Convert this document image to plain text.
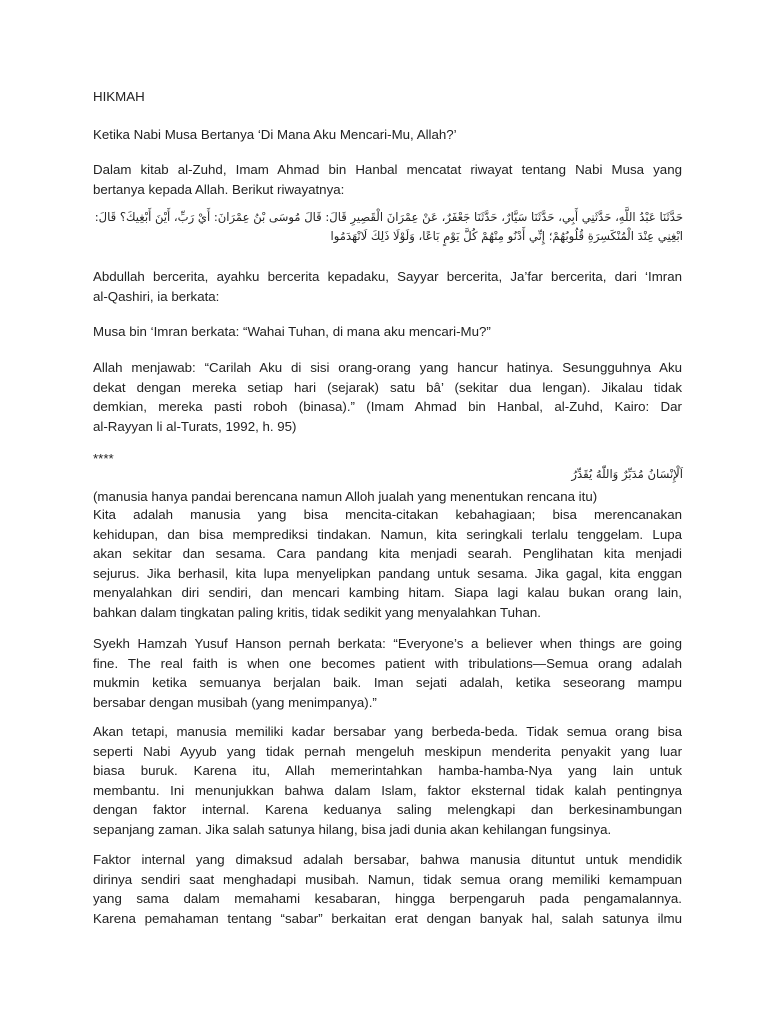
HIKMAH

Ketika Nabi Musa Bertanya ‘Di Mana Aku Mencari-Mu, Allah?’

Dalam kitab al-Zuhd, Imam Ahmad bin Hanbal mencatat riwayat tentang Nabi Musa yang
bertanya kepada Allah. Berikut riwayatnya:

حَدَّثَنَا عَبْدُ اللَّهِ، حَدَّثَنِي أَبِي، حَدَّثَنَا سَيَّارٌ، حَدَّثَنَا جَعْفَرٌ، عَنْ عِمْرَانَ الْقَصِيرِ قَالَ: قَالَ مُوسَى بْنُ عِمْرَانَ: أَيْ رَبِّ، أَيْنَ أَبْغِيكَ؟ قَالَ:
ابْغِنِي عِنْدَ الْمُنْكَسِرَةِ قُلُوبُهُمْ؛ إِنِّي أَدْنُو مِنْهُمْ كُلَّ يَوْمٍ بَاعًا، وَلَوْلَا ذَلِكَ لَانْهَدَمُوا

Abdullah bercerita, ayahku bercerita kepadaku, Sayyar bercerita, Ja’far bercerita, dari ‘Imran
al-Qashiri, ia berkata:

Musa bin ‘Imran berkata: “Wahai Tuhan, di mana aku mencari-Mu?”

Allah menjawab: “Carilah Aku di sisi orang-orang yang hancur hatinya. Sesungguhnya Aku
dekat dengan mereka setiap hari (sejarak) satu bâ’ (sekitar dua lengan). Jikalau tidak
demkian, mereka pasti roboh (binasa).” (Imam Ahmad bin Hanbal, al-Zuhd, Kairo: Dar
al-Rayyan li al-Turats, 1992, h. 95)

****

اَلْإِنْسَانُ مُدَبِّرٌ وَاللّٰهُ يُقَدِّرُ

(manusia hanya pandai berencana namun Alloh jualah yang menentukan rencana itu)

Kita adalah manusia yang bisa mencita-citakan kebahagiaan; bisa merencanakan
kehidupan, dan bisa memprediksi tindakan. Namun, kita seringkali terlalu tenggelam. Lupa
akan sekitar dan sesama. Cara pandang kita menjadi searah. Penglihatan kita menjadi
sejurus. Jika berhasil, kita lupa menyelipkan pandang untuk sesama. Jika gagal, kita enggan
menyalahkan diri sendiri, dan mencari kambing hitam. Siapa lagi kalau bukan orang lain,
bahkan dalam tingkatan paling kritis, tidak sedikit yang menyalahkan Tuhan.

Syekh Hamzah Yusuf Hanson pernah berkata: “Everyone’s a believer when things are going
fine. The real faith is when one becomes patient with tribulations—Semua orang adalah
mukmin ketika semuanya berjalan baik. Iman sejati adalah, ketika seseorang mampu
bersabar dengan musibah (yang menimpanya).”

Akan tetapi, manusia memiliki kadar bersabar yang berbeda-beda. Tidak semua orang bisa
seperti Nabi Ayyub yang tidak pernah mengeluh meskipun menderita penyakit yang luar
biasa buruk. Karena itu, Allah memerintahkan hamba-hamba-Nya yang lain untuk
membantu. Ini menunjukkan bahwa dalam Islam, faktor eksternal tidak kalah pentingnya
dengan faktor internal. Karena keduanya saling melengkapi dan berkesinambungan
sepanjang zaman. Jika salah satunya hilang, bisa jadi dunia akan kehilangan fungsinya.

Faktor internal yang dimaksud adalah bersabar, bahwa manusia dituntut untuk mendidik
dirinya sendiri saat menghadapi musibah. Namun, tidak semua orang memiliki kemampuan
yang sama dalam memahami kesabaran, hingga berpengaruh pada pengamalannya.
Karena pemahaman tentang “sabar” berkaitan erat dengan banyak hal, salah satunya ilmu
